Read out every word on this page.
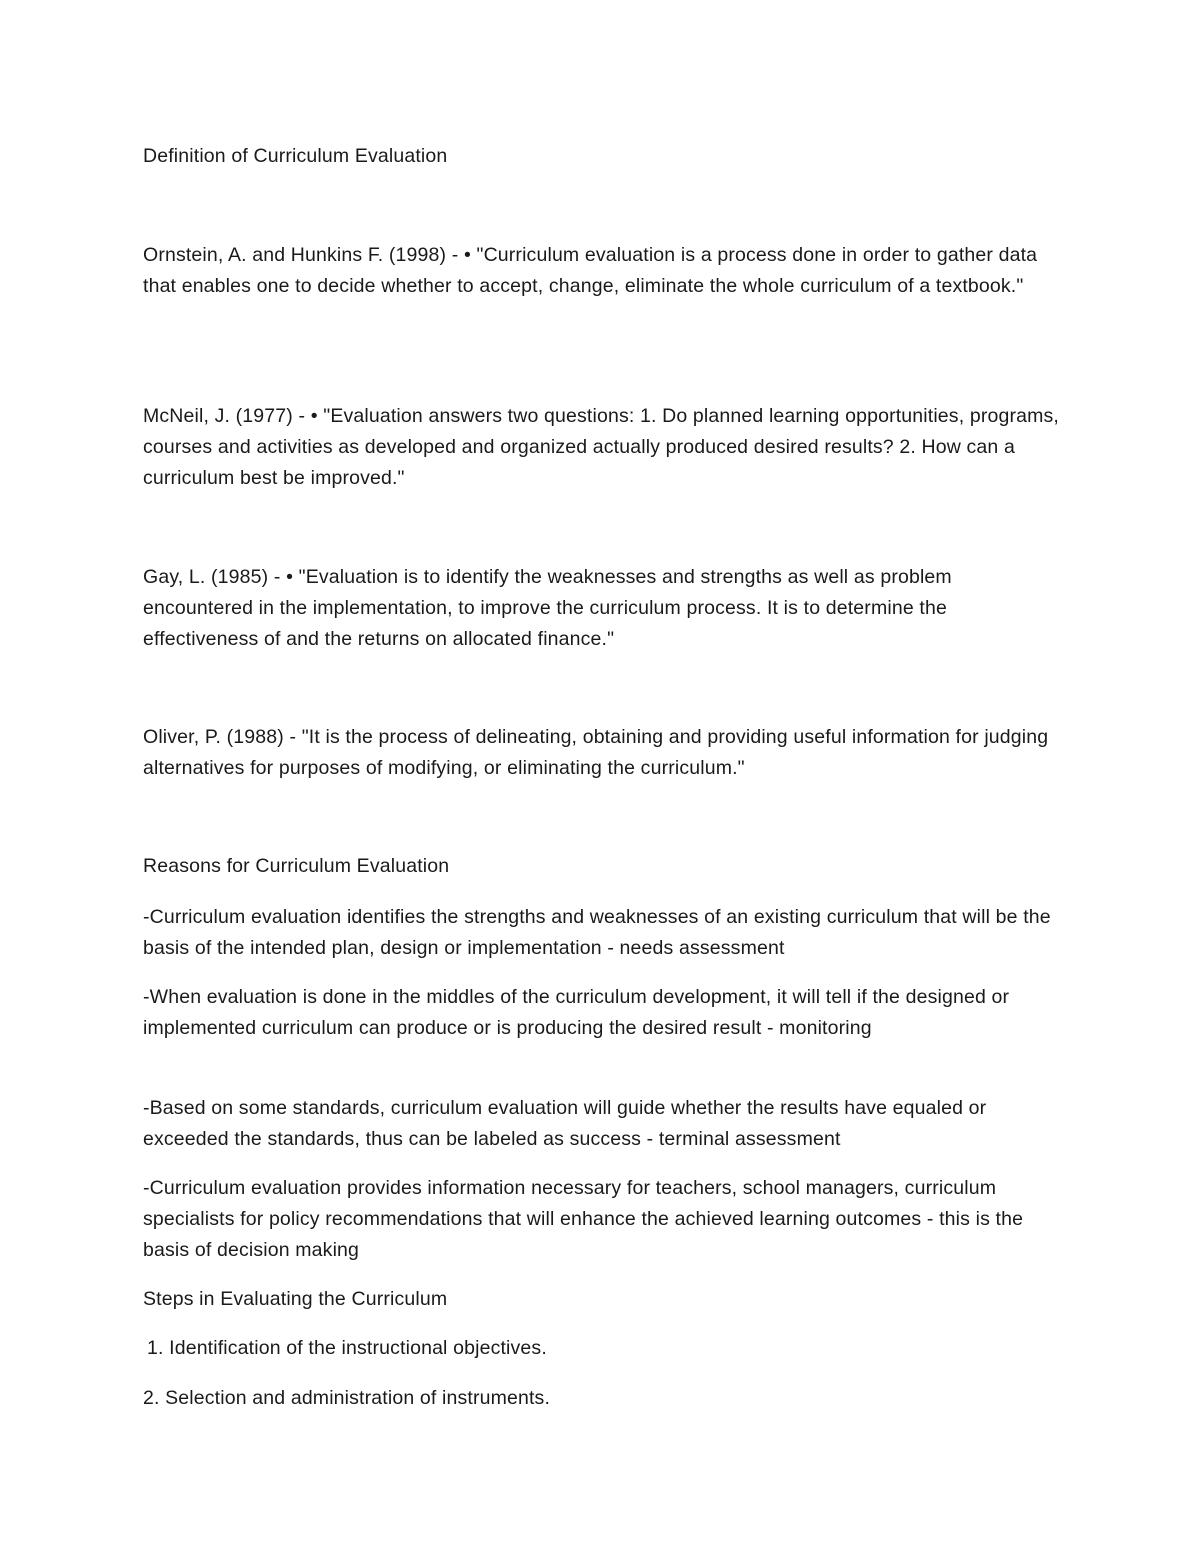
Definition of Curriculum Evaluation

Ornstein, A. and Hunkins F. (1998) - • "Curriculum evaluation is a process done in order to gather data that enables one to decide whether to accept, change, eliminate the whole curriculum of a textbook."

McNeil, J. (1977) - • "Evaluation answers two questions: 1. Do planned learning opportunities, programs, courses and activities as developed and organized actually produced desired results? 2. How can a curriculum best be improved."

Gay, L. (1985) - • "Evaluation is to identify the weaknesses and strengths as well as problem encountered in the implementation, to improve the curriculum process. It is to determine the effectiveness of and the returns on allocated finance."

Oliver, P. (1988) - "It is the process of delineating, obtaining and providing useful information for judging alternatives for purposes of modifying, or eliminating the curriculum."

Reasons for Curriculum Evaluation

-Curriculum evaluation identifies the strengths and weaknesses of an existing curriculum that will be the basis of the intended plan, design or implementation - needs assessment

-When evaluation is done in the middles of the curriculum development, it will tell if the designed or implemented curriculum can produce or is producing the desired result - monitoring

-Based on some standards, curriculum evaluation will guide whether the results have equaled or exceeded the standards, thus can be labeled as success - terminal assessment

-Curriculum evaluation provides information necessary for teachers, school managers, curriculum specialists for policy recommendations that will enhance the achieved learning outcomes - this is the basis of decision making

Steps in Evaluating the Curriculum

1. Identification of the instructional objectives.

2. Selection and administration of instruments.
